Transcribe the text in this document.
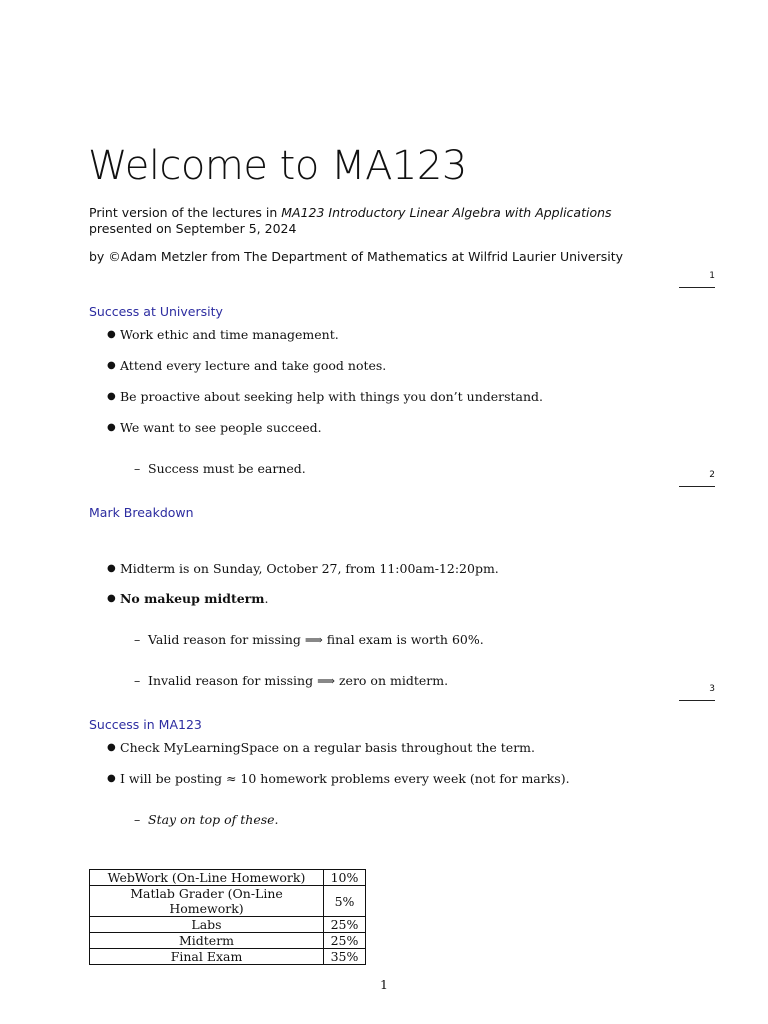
Welcome to MA123
Print version of the lectures in MA123 Introductory Linear Algebra with Applications
presented on September 5, 2024
by ©Adam Metzler from The Department of Mathematics at Wilfrid Laurier University
1
Success at University
● Work ethic and time management.
● Attend every lecture and take good notes.
● Be proactive about seeking help with things you don’t understand.
● We want to see people succeed.
– Success must be earned.	2
Mark Breakdown
● Midterm is on Sunday, October 27, from 11:00am-12:20pm.
● No makeup midterm.
– Valid reason for missing ⟹ final exam is worth 60%.
– Invalid reason for missing ⟹ zero on midterm.
3
Success in MA123
● Check MyLearningSpace on a regular basis throughout the term.
● I will be posting ≈ 10 homework problems every week (not for marks).
– Stay on top of these.
WebWork (On-Line Homework)	10%
Matlab Grader (On-Line Homework)	5%
Labs	25%
Midterm	25%
Final Exam	35%
1
